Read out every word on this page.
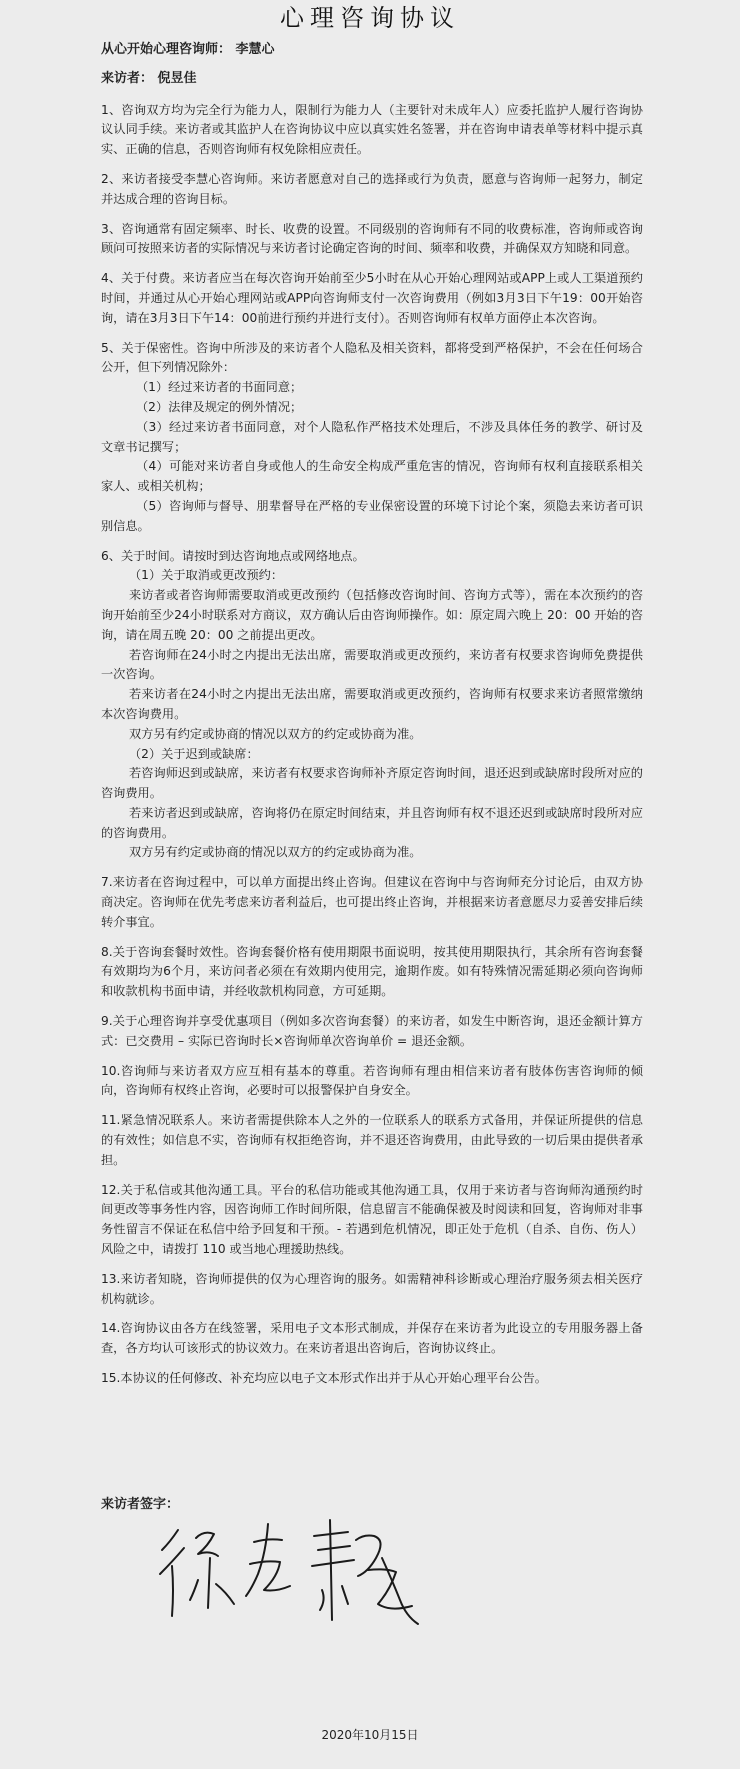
心理咨询协议
从心开始心理咨询师： 李慧心
来访者： 倪昱佳
1、咨询双方均为完全行为能力人，限制行为能力人（主要针对未成年人）应委托监护人履行咨询协议认同手续。来访者或其监护人在咨询协议中应以真实姓名签署，并在咨询申请表单等材料中提示真实、正确的信息，否则咨询师有权免除相应责任。
2、来访者接受李慧心咨询师。来访者愿意对自己的选择或行为负责，愿意与咨询师一起努力，制定并达成合理的咨询目标。
3、咨询通常有固定频率、时长、收费的设置。不同级别的咨询师有不同的收费标准，咨询师或咨询顾问可按照来访者的实际情况与来访者讨论确定咨询的时间、频率和收费，并确保双方知晓和同意。
4、关于付费。来访者应当在每次咨询开始前至少5小时在从心开始心理网站或APP上或人工渠道预约时间，并通过从心开始心理网站或APP向咨询师支付一次咨询费用（例如3月3日下午19：00开始咨询，请在3月3日下午14：00前进行预约并进行支付）。否则咨询师有权单方面停止本次咨询。
5、关于保密性。咨询中所涉及的来访者个人隐私及相关资料，都将受到严格保护，不会在任何场合公开，但下列情况除外：
（1）经过来访者的书面同意；
（2）法律及规定的例外情况；
（3）经过来访者书面同意，对个人隐私作严格技术处理后，不涉及具体任务的教学、研讨及文章书记撰写；
（4）可能对来访者自身或他人的生命安全构成严重危害的情况，咨询师有权利直接联系相关家人、或相关机构；
（5）咨询师与督导、朋辈督导在严格的专业保密设置的环境下讨论个案，须隐去来访者可识别信息。
6、关于时间。请按时到达咨询地点或网络地点。
（1）关于取消或更改预约：
来访者或者咨询师需要取消或更改预约（包括修改咨询时间、咨询方式等），需在本次预约的咨询开始前至少24小时联系对方商议，双方确认后由咨询师操作。如：原定周六晚上 20：00 开始的咨询，请在周五晚 20：00 之前提出更改。
若咨询师在24小时之内提出无法出席，需要取消或更改预约，来访者有权要求咨询师免费提供一次咨询。
若来访者在24小时之内提出无法出席，需要取消或更改预约，咨询师有权要求来访者照常缴纳本次咨询费用。
双方另有约定或协商的情况以双方的约定或协商为准。
（2）关于迟到或缺席：
若咨询师迟到或缺席，来访者有权要求咨询师补齐原定咨询时间，退还迟到或缺席时段所对应的咨询费用。
若来访者迟到或缺席，咨询将仍在原定时间结束，并且咨询师有权不退还迟到或缺席时段所对应的咨询费用。
双方另有约定或协商的情况以双方的约定或协商为准。
7.来访者在咨询过程中，可以单方面提出终止咨询。但建议在咨询中与咨询师充分讨论后，由双方协商决定。咨询师在优先考虑来访者利益后，也可提出终止咨询，并根据来访者意愿尽力妥善安排后续转介事宜。
8.关于咨询套餐时效性。咨询套餐价格有使用期限书面说明，按其使用期限执行，其余所有咨询套餐有效期均为6个月，来访问者必须在有效期内使用完，逾期作废。如有特殊情况需延期必须向咨询师和收款机构书面申请，并经收款机构同意，方可延期。
9.关于心理咨询并享受优惠项目（例如多次咨询套餐）的来访者，如发生中断咨询，退还金额计算方式：已交费用 – 实际已咨询时长×咨询师单次咨询单价 = 退还金额。
10.咨询师与来访者双方应互相有基本的尊重。若咨询师有理由相信来访者有肢体伤害咨询师的倾向，咨询师有权终止咨询，必要时可以报警保护自身安全。
11.紧急情况联系人。来访者需提供除本人之外的一位联系人的联系方式备用，并保证所提供的信息的有效性；如信息不实，咨询师有权拒绝咨询，并不退还咨询费用，由此导致的一切后果由提供者承担。
12.关于私信或其他沟通工具。平台的私信功能或其他沟通工具，仅用于来访者与咨询师沟通预约时间更改等事务性内容，因咨询师工作时间所限，信息留言不能确保被及时阅读和回复，咨询师对非事务性留言不保证在私信中给予回复和干预。- 若遇到危机情况，即正处于危机（自杀、自伤、伤人）风险之中，请拨打 110 或当地心理援助热线。
13.来访者知晓，咨询师提供的仅为心理咨询的服务。如需精神科诊断或心理治疗服务须去相关医疗机构就诊。
14.咨询协议由各方在线签署，采用电子文本形式制成，并保存在来访者为此设立的专用服务器上备查，各方均认可该形式的协议效力。在来访者退出咨询后，咨询协议终止。
15.本协议的任何修改、补充均应以电子文本形式作出并于从心开始心理平台公告。
来访者签字：
2020年10月15日
